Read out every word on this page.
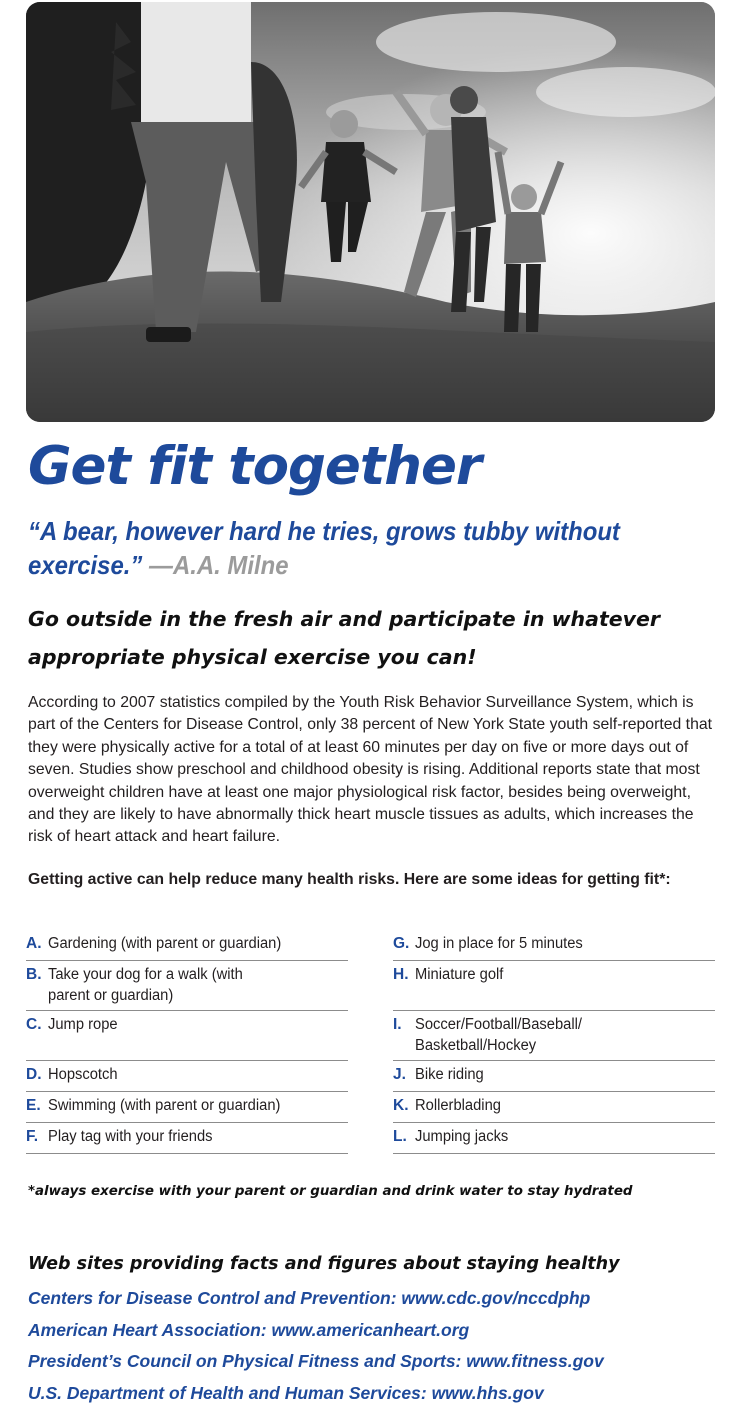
Get fit together

“A bear, however hard he tries, grows tubby without exercise.” —A.A. Milne

Go outside in the fresh air and participate in whatever appropriate physical exercise you can!

According to 2007 statistics compiled by the Youth Risk Behavior Surveillance System, which is part of the Centers for Disease Control, only 38 percent of New York State youth self-reported that they were physically active for a total of at least 60 minutes per day on five or more days out of seven. Studies show preschool and childhood obesity is rising. Additional reports state that most overweight children have at least one major physiological risk factor, besides being overweight, and they are likely to have abnormally thick heart muscle tissues as adults, which increases the risk of heart attack and heart failure.

Getting active can help reduce many health risks. Here are some ideas for getting fit*:

A. Gardening (with parent or guardian)
B. Take your dog for a walk (with parent or guardian)
C. Jump rope
D. Hopscotch
E. Swimming (with parent or guardian)
F. Play tag with your friends
G. Jog in place for 5 minutes
H. Miniature golf
I. Soccer/Football/Baseball/ Basketball/Hockey
J. Bike riding
K. Rollerblading
L. Jumping jacks

*always exercise with your parent or guardian and drink water to stay hydrated

Web sites providing facts and figures about staying healthy

Centers for Disease Control and Prevention: www.cdc.gov/nccdphp
American Heart Association: www.americanheart.org
President’s Council on Physical Fitness and Sports: www.fitness.gov
U.S. Department of Health and Human Services: www.hhs.gov
